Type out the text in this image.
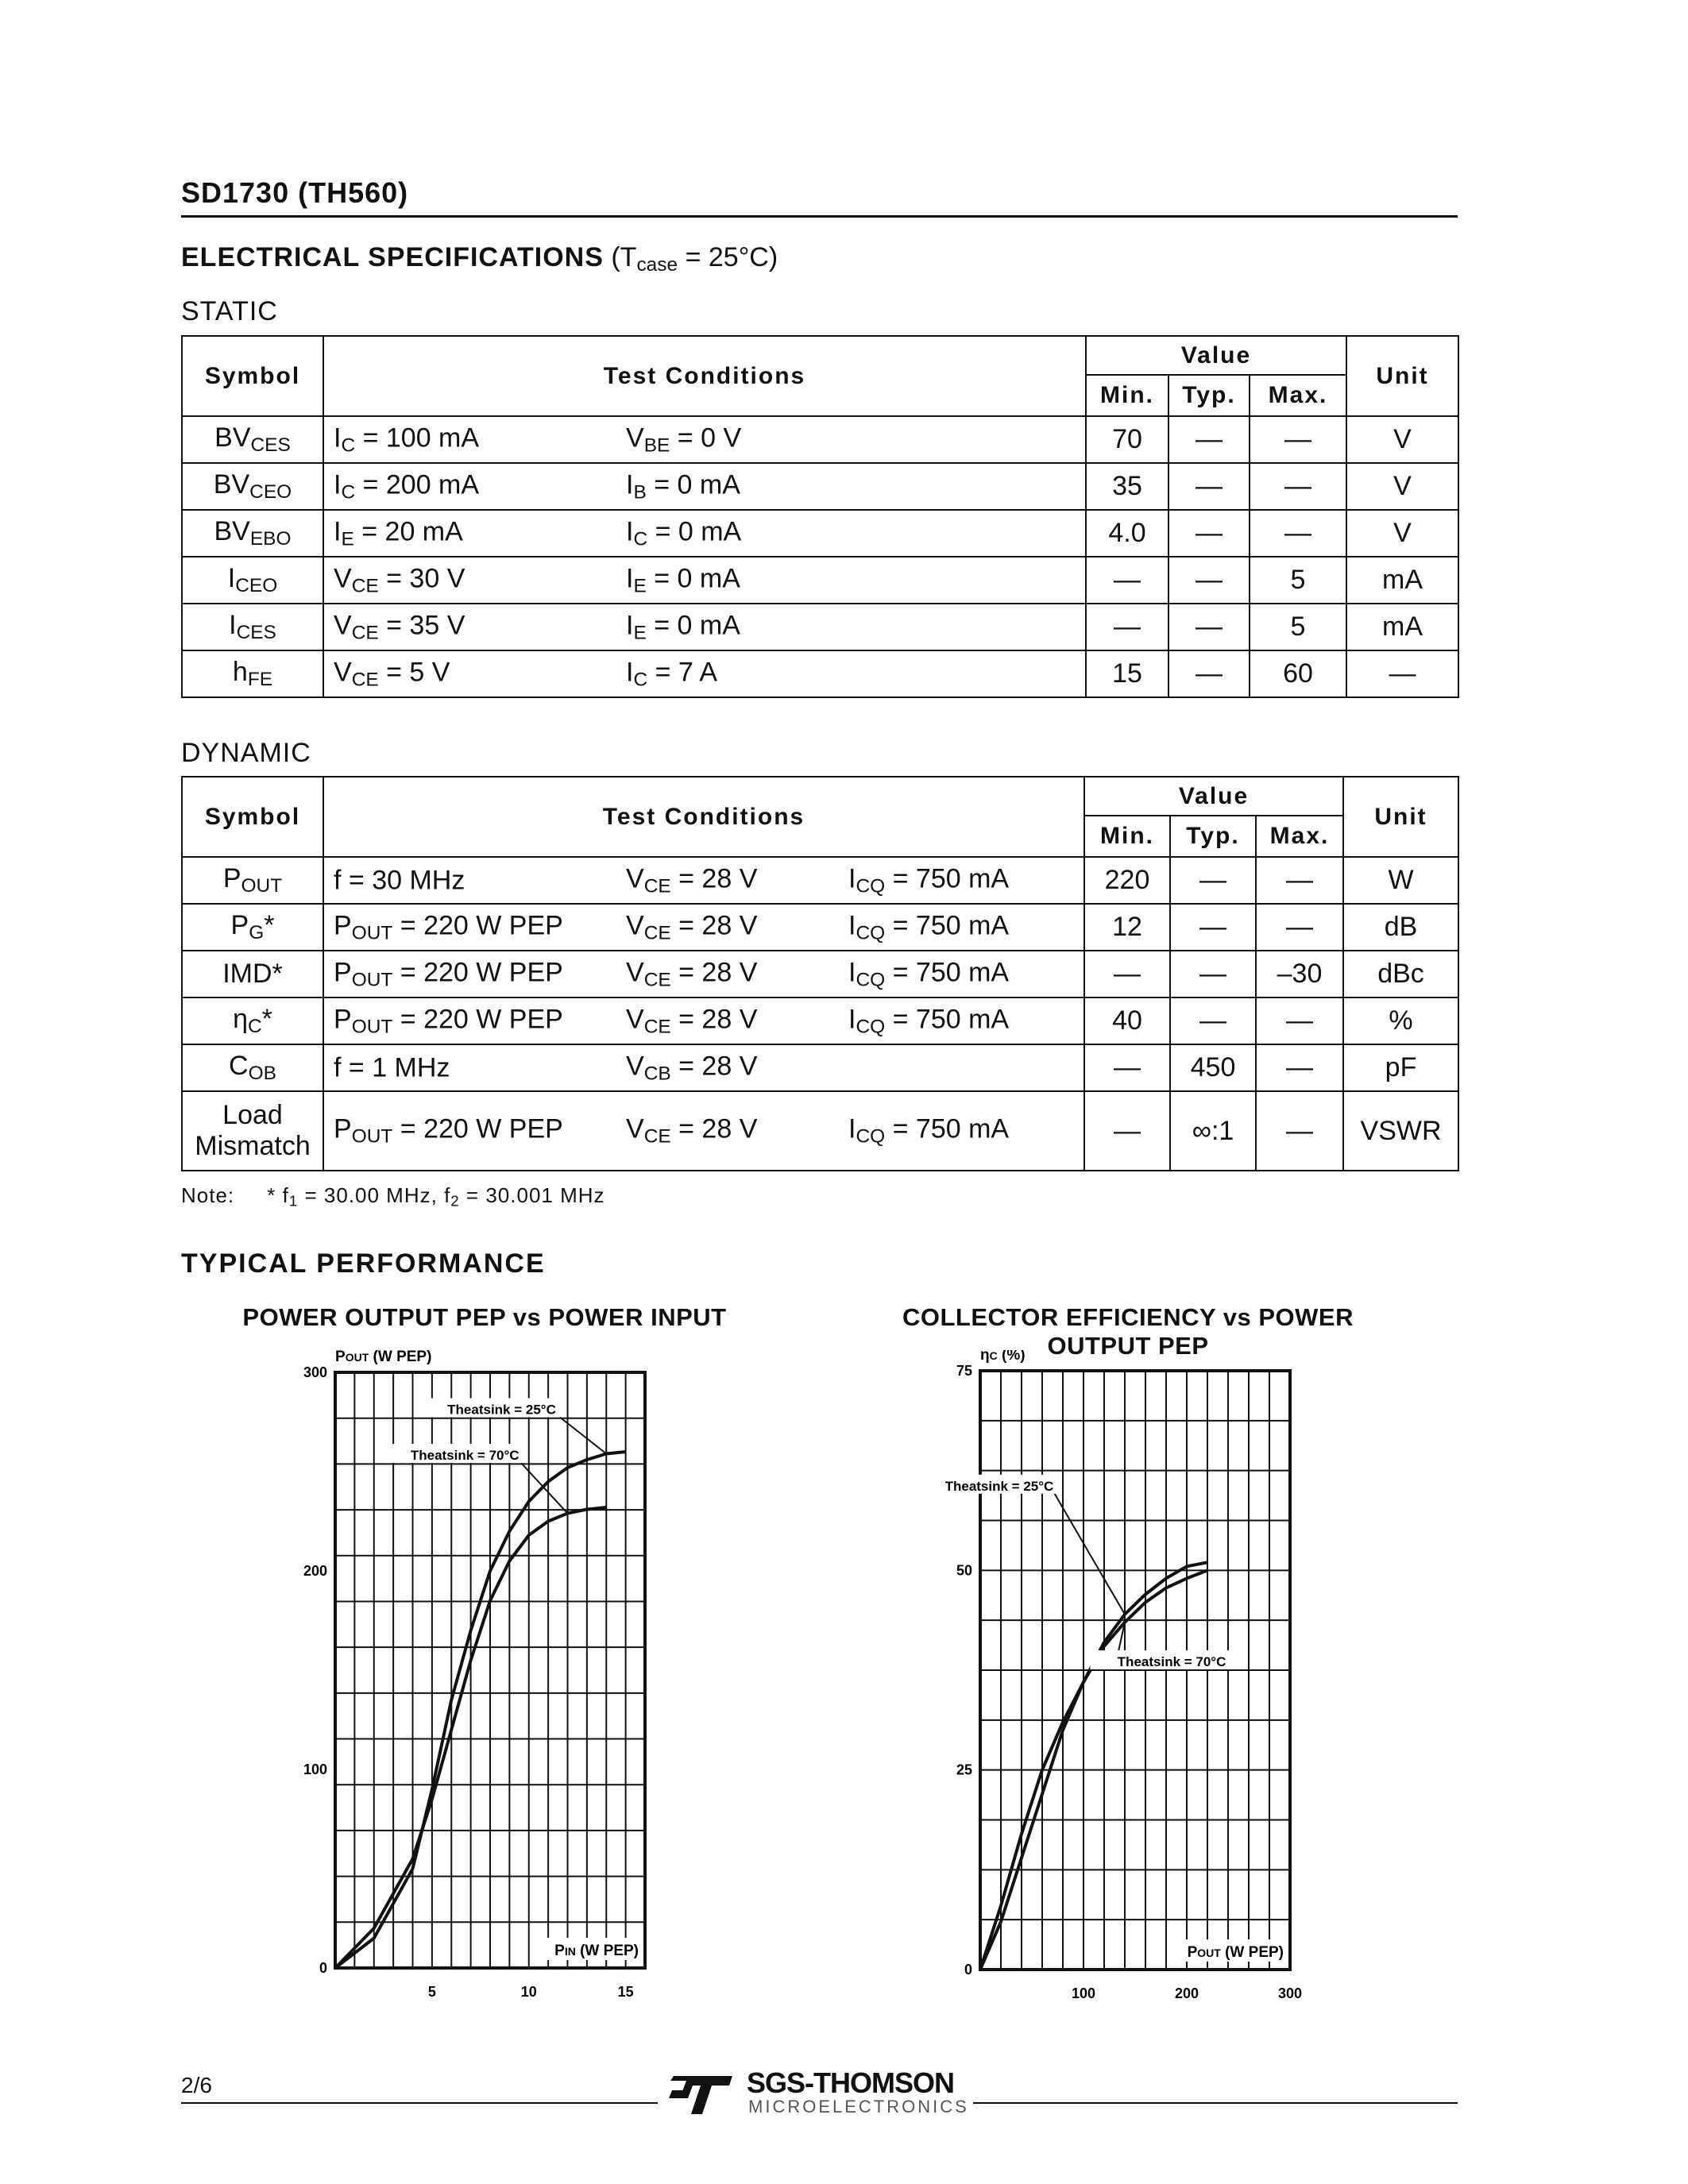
SD1730 (TH560)
ELECTRICAL SPECIFICATIONS $(T_{case} = 25^\circ C)$
STATIC
Symbol	Test Conditions	Value			Unit
		Min.	Typ.	Max.	
$BV_{CES}$	$I_C = 100$ mA $V_{BE} = 0$ V	70	—	—	V
$BV_{CEO}$	$I_C = 200$ mA $I_B = 0$ mA	35	—	—	V
$BV_{EBO}$	$I_E = 20$ mA $I_C = 0$ mA	4.0	—	—	V
$I_{CEO}$	$V_{CE} = 30$ V $I_E = 0$ mA	—	—	5	mA
$I_{CES}$	$V_{CE} = 35$ V $I_E = 0$ mA	—	—	5	mA
$h_{FE}$	$V_{CE} = 5$ V $I_C = 7$ A	15	—	60	—
DYNAMIC
Symbol	Test Conditions	Value			Unit
		Min.	Typ.	Max.	
$P_{OUT}$	f = 30 MHz $V_{CE} = 28$ V $I_{CQ} = 750$ mA	220	—	—	W
$P_G*$	$P_{OUT} = 220$ W PEP $V_{CE} = 28$ V $I_{CQ} = 750$ mA	12	—	—	dB
IMD*	$P_{OUT} = 220$ W PEP $V_{CE} = 28$ V $I_{CQ} = 750$ mA	—	—	–30	dBc
$\eta_C*$	$P_{OUT} = 220$ W PEP $V_{CE} = 28$ V $I_{CQ} = 750$ mA	40	—	—	%
$C_{OB}$	f = 1 MHz $V_{CB} = 28$ V	—	450	—	pF
Load Mismatch	$P_{OUT} = 220$ W PEP $V_{CE} = 28$ V $I_{CQ} = 750$ mA	—	∞:1	—	VSWR
Note: * $f_1 = 30.00$ MHz, $f_2 = 30.001$ MHz
TYPICAL PERFORMANCE
POWER OUTPUT PEP vs POWER INPUT	COLLECTOR EFFICIENCY vs POWER OUTPUT PEP
0
100
200
300
5	10	15
POUT (W PEP)
PIN (W PEP)
Theatsink = 25°C
Theatsink = 70°C
0
25
50
75
100	200	300
ηC (%)
POUT (W PEP)
Theatsink = 25°C
Theatsink = 70°C
2/6	SGS-THOMSON
MICROELECTRONICS
